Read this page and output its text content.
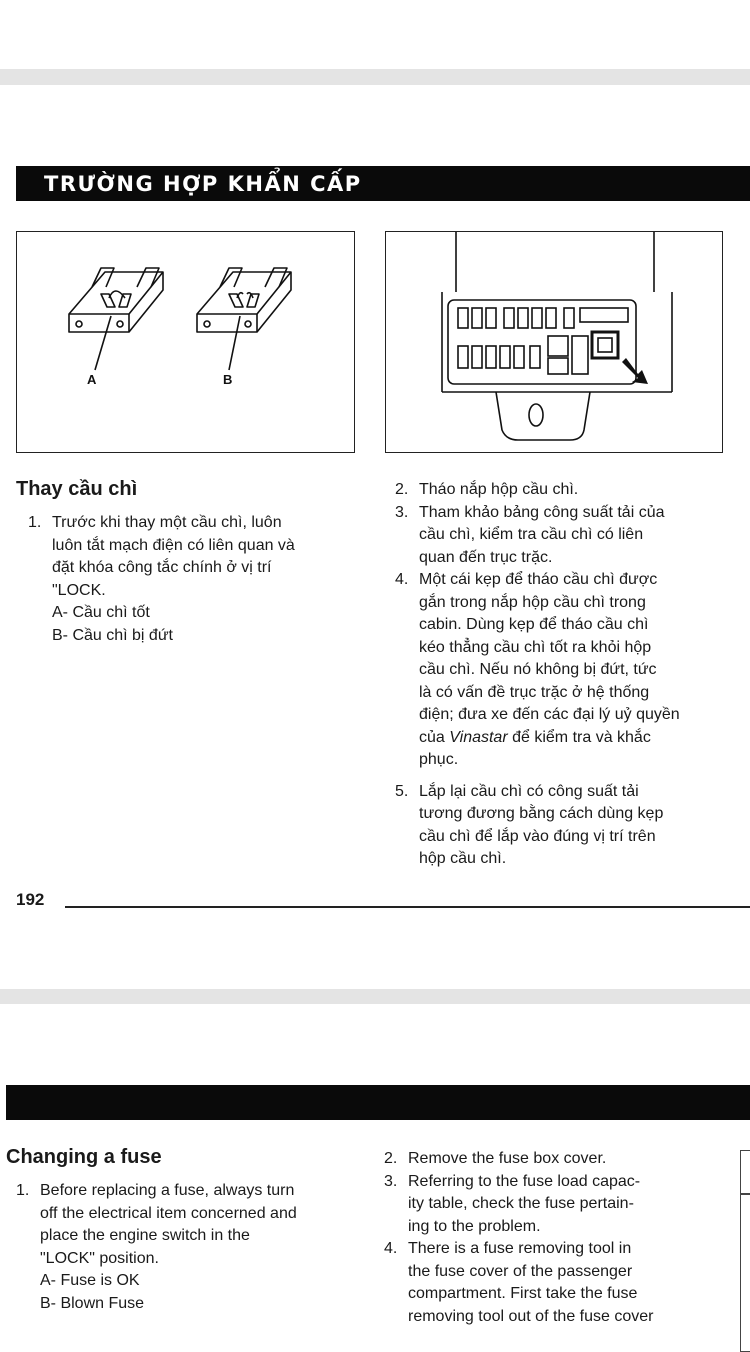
TRƯỜNG HỢP KHẨN CẤP
A	B
Thay cầu chì
1. Trước khi thay một cầu chì, luôn
luôn tắt mạch điện có liên quan và
đặt khóa công tắc chính ở vị trí
"LOCK.
A- Cầu chì tốt
B- Cầu chì bị đứt
2. Tháo nắp hộp cầu chì.
3. Tham khảo bảng công suất tải của
cầu chì, kiểm tra cầu chì có liên
quan đến trục trặc.
4. Một cái kẹp để tháo cầu chì được
gắn trong nắp hộp cầu chì trong
cabin. Dùng kẹp để tháo cầu chì
kéo thẳng cầu chì tốt ra khỏi hộp
cầu chì. Nếu nó không bị đứt, tức
là có vấn đề trục trặc ở hệ thống
điện; đưa xe đến các đại lý uỷ quyền
của Vinastar để kiểm tra và khắc
phục.
5. Lắp lại cầu chì có công suất tải
tương đương bằng cách dùng kẹp
cầu chì để lắp vào đúng vị trí trên
hộp cầu chì.
192
Changing a fuse
1. Before replacing a fuse, always turn
off the electrical item concerned and
place the engine switch in the
"LOCK" position.
A- Fuse is OK
B- Blown Fuse
2. Remove the fuse box cover.
3. Referring to the fuse load capac-
ity table, check the fuse pertain-
ing to the problem.
4. There is a fuse removing tool in
the fuse cover of the passenger
compartment. First take the fuse
removing tool out of the fuse cover
